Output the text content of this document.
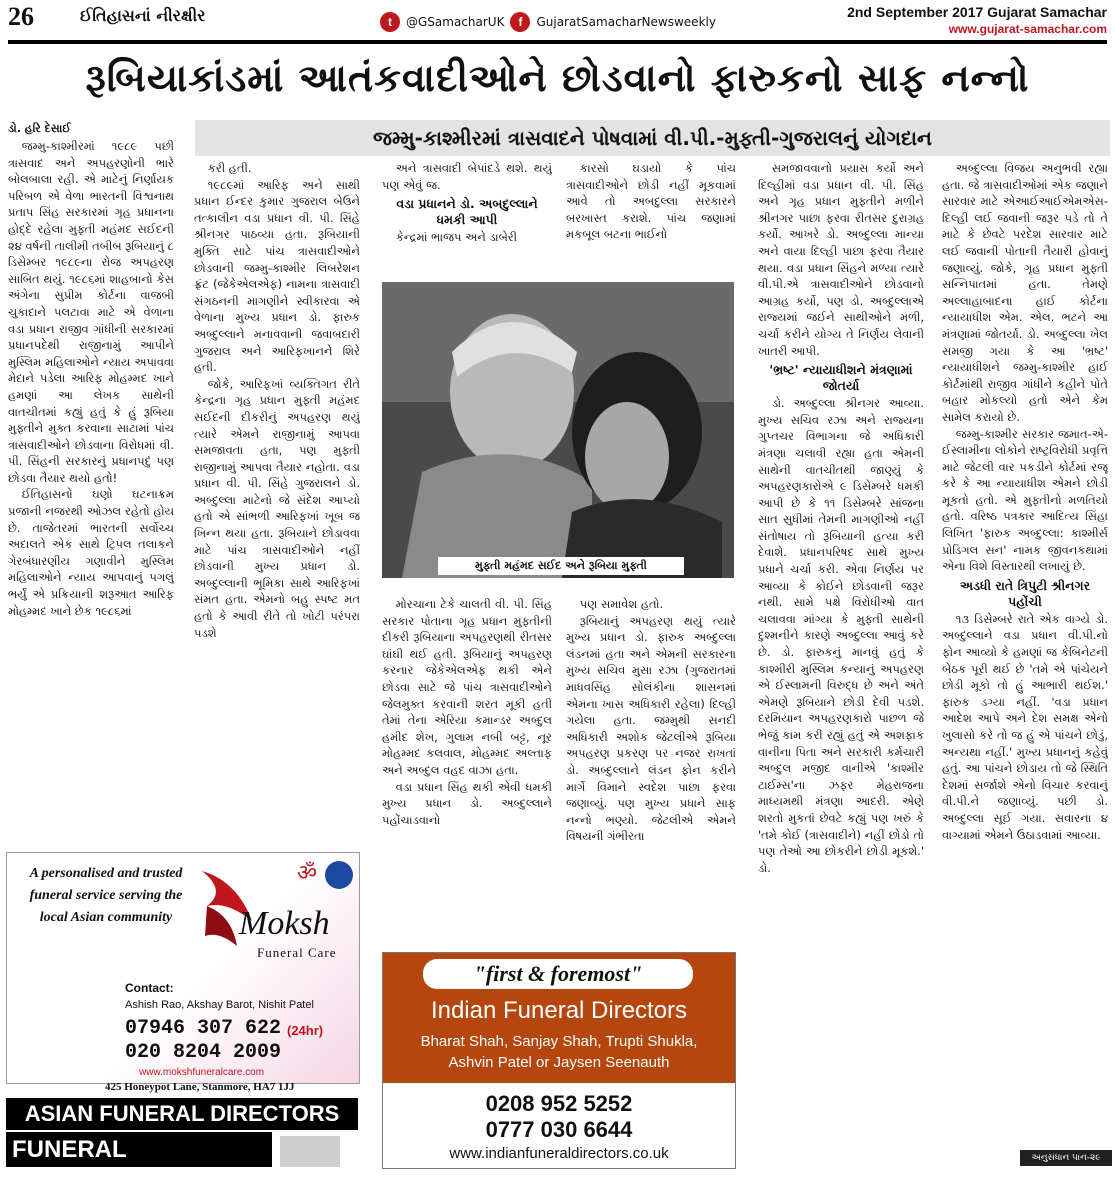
26	ઈતિહાસનાં નીરક્ષીર	t	@GSamacharUK	f	GujaratSamacharNewsweekly
2nd September 2017 Gujarat Samachar
www.gujarat-samachar.com
રૂબિયાકાંડમાં આતંકવાદીઓને છોડવાનો ફારુકનો સાફ નન્નો
ડો. હરિ દેસાઈ	જમ્મુ-કાશ્મીરમાં ત્રાસવાદને પોષવામાં વી.પી.-મુફ્તી-ગુજરાલનું યોગદાન

જમ્મુ-કાશ્મીરમાં ૧૯૮૯ પછી ત્રાસવાદ અને અપહરણોની ભારે બોલબાલા રહી. એ માટેનું નિર્ણાયક પરિબળ એ વેળા ભારતની વિશ્વનાથ પ્રતાપ સિંહ સરકારમાં ગૃહ પ્રધાનના હોદ્દે રહેલા મુફ્તી મહંમદ સઈદની ૨૪ વર્ષની તાલીમી તબીબ રૂબિયાનું ૮ ડિસેમ્બર ૧૯૮૯ના રોજ અપહરણ સાબિત થયું. ૧૯૮૬માં શાહબાનો કેસ અંગેના સુપ્રીમ કોર્ટના વાજબી ચુકાદાને પલટાવા માટે એ વેળાના વડા પ્રધાન રાજીવ ગાંધીની સરકારમાં પ્રધાનપદેથી રાજીનામું આપીને મુસ્લિમ મહિલાઓને ન્યાય અપાવવા મેદાને પડેલા આરિફ મોહમ્મદ ખાને હમણાં આ લેખક સાથેની વાતચીતમાં કહ્યું હતું કે હું રૂબિયા મુફ્તીને મુક્ત કરવાના સાટામાં પાંચ ત્રાસવાદીઓને છોડવાના વિરોધમાં વી. પી. સિંહની સરકારનું પ્રધાનપદું પણ છોડવા તૈયાર થયો હતો!

ઈતિહાસનો ઘણો ઘટનાક્રમ પ્રજાની નજરથી ઓઝલ રહેતો હોય છે. તાજેતરમાં ભારતની સર્વોચ્ચ અદાલતે એક સાથે ટ્રિપલ તલાકને ગેરબંધારણીય ગણાવીને મુસ્લિમ મહિલાઓને ન્યાય આપવાનું પગલું ભર્યું એ પ્રક્રિયાની શરૂઆત આરિફ મોહમ્મદ ખાને છેક ૧૯૮૬માં

કરી હતી.

૧૯૮૯માં આરિફ અને સાથી પ્રધાન ઈન્દર કુમાર ગુજરાલ બેઉને તત્કાલીન વડા પ્રધાન વી. પી. સિંહે શ્રીનગર પાઠવ્યા હતા. રૂબિયાની મુક્તિ સાટે પાંચ ત્રાસવાદીઓને છોડવાની જમ્મુ-કાશ્મીર લિબરેશન ફ્રંટ (જેકેએલએફ) નામના ત્રાસવાદી સંગઠનની માગણીને સ્વીકારવા એ વેળાના મુખ્ય પ્રધાન ડો. ફારુક અબ્દુલ્લાને મનાવવાની જવાબદારી ગુજરાલ અને આરિફખાનને શિરે હતી.

જોકે, આરિફખાં વ્યક્તિગત રીતે કેન્દ્રના ગૃહ પ્રધાન મુફ્તી મહંમદ સઈદની દીકરીનું અપહરણ થયું ત્યારે એમને રાજીનામું આપવા સમજાવતા હતા, પણ મુફ્તી રાજીનામું આપવા તૈયાર નહોતા. વડા પ્રધાન વી. પી. સિંહે ગુજરાલને ડો. અબ્દુલ્લા માટેનો જે સંદેશ આપ્યો હતો એ સાંભળી આરિફખાં ખૂબ જ ખિન્ન થયા હતા. રૂબિયાને છોડાવવા માટે પાંચ ત્રાસવાદીઓને નહીં છોડવાની મુખ્ય પ્રધાન ડો. અબ્દુલ્લાની ભૂમિકા સાથે આરિફખાં સંમત હતા. એમનો બહુ સ્પષ્ટ મત હતો કે આવી રીતે તો ખોટી પરંપરા પડશે

અને ત્રાસવાદી બેપાંદડે થશે. થયું પણ એવું જ.

વડા પ્રધાનને ડો. અબદુલ્લાને ધમકી આપી

કેન્દ્રમાં ભાજપ અને ડાબેરી

કારસો ઘડાયો કે પાંચ ત્રાસવાદીઓને છોડી નહીં મૂકવામાં આવે તો અબદુલ્લા સરકારને બરખાસ્ત કરાશે. પાંચ જણામાં મકબૂલ બટના ભાઈનો

મુફ્તી મહંમદ સઈદ અને રૂબિયા મુફ્તી

મોરચાના ટેકે ચાલતી વી. પી. સિંહ સરકાર પોતાના ગૃહ પ્રધાન મુફ્તીની દીકરી રૂબિયાના અપહરણથી રીતસર ઘાંઘી થઈ હતી. રૂબિયાનું અપહરણ કરનાર જેકેએલએફ થકી એને છોડવા સાટે જે પાંચ ત્રાસવાદીઓને જેલમુક્ત કરવાની શરત મૂકી હતી તેમાં તેના એરિયા કમાન્ડર અબ્દુલ હમીદ શેખ, ગુલામ નબી બટ્ટ, નૂર મોહમ્મદ કલવાલ, મોહમ્મદ અલ્તાફ અને અબ્દુલ વહદ વાઝા હતા.

વડા પ્રધાન સિંહ થકી એવી ધમકી મુખ્ય પ્રધાન ડો. અબ્દુલ્લાને પહોંચાડવાનો

પણ સમાવેશ હતો.

રૂબિયાનું અપહરણ થયું ત્યારે મુખ્ય પ્રધાન ડો. ફારુક અબ્દુલ્લા લંડનમાં હતા અને એમની સરકારના મુખ્ય સચિવ મુસા રઝા (ગુજરાતમાં માધવસિંહ સોલંકીના શાસનમાં એમના ખાસ અધિકારી રહેલા) દિલ્હી ગયેલા હતા. જમ્મુથી સનદી અધિકારી અશોક જેટલીએ રૂબિયા અપહરણ પ્રકરણ પર નજર રાખતાં ડો. અબ્દુલ્લાને લંડન ફોન કરીને માર્ગે વિમાને સ્વદેશ પાછા ફરવા જણાવ્યું. પણ મુખ્ય પ્રધાને સાફ નન્નો ભણ્યો. જેટલીએ એમને વિષયની ગંભીરતા

સમજાવવાનો પ્રયાસ કર્યો અને દિલ્હીમાં વડા પ્રધાન વી. પી. સિંહ અને ગૃહ પ્રધાન મુફ્તીને મળીને શ્રીનગર પાછા ફરવા રીતસર દુરાગ્રહ કર્યો. આખરે ડો. અબ્દુલ્લા માન્યા અને વાયા દિલ્હી પાછા ફરવા તૈયાર થયા. વડા પ્રધાન સિંહને મળ્યા ત્યારે વી.પી.એ ત્રાસવાદીઓને છોડવાનો આગ્રહ કર્યો, પણ ડો. અબ્દુલ્લાએ રાજ્યમાં જઈને સાથીઓને મળી, ચર્ચા કરીને યોગ્ય તે નિર્ણય લેવાની ખાતરી આપી.

'ભ્રષ્ટ' ન્યાયાધીશને મંત્રણામાં જોતર્યા

ડો. અબ્દુલ્લા શ્રીનગર આવ્યા. મુખ્ય સચિવ રઝા અને રાજ્યના ગુપ્તચર વિભાગના જે અધિકારી મંત્રણા ચલાવી રહ્યા હતા એમની સાથેની વાતચીતથી જાણ્યું કે અપહરણકારોએ ૯ ડિસેમ્બરે ધમકી આપી છે કે ૧૧ ડિસેમ્બરે સાંજના સાત સુધીમાં તેમની માગણીઓ નહીં સંતોષાય તો રૂબિયાની હત્યા કરી દેવાશે. પ્રધાનપરિષદ સાથે મુખ્ય પ્રધાને ચર્ચા કરી. એવા નિર્ણય પર આવ્યા કે કોઈને છોડવાની જરૂર નથી. સામે પક્ષે વિરોધીઓ વાત ચલાવવા માંગ્યા કે મુફ્તી સાથેની દુશ્મનીને કારણે અબ્દુલ્લા આવું કરે છે. ડો. ફારુકનું માનવું હતું કે કાશ્મીરી મુસ્લિમ કન્યાનું અપહરણ એ ઈસ્લામની વિરુદ્ધ છે અને અંતે એમણે રૂબિયાને છોડી દેવી પડશે. દરમિયાન અપહરણકારો પાછળ જે ભેજું કામ કરી રહ્યું હતું એ અશફાક વાનીના પિતા અને સરકારી કર્મચારી અબ્દુલ મજીદ વાનીએ 'કાશ્મીર ટાઈમ્સ'ના ઝફર મેહરાજના માધ્યમથી મંત્રણા આદરી. એણે શરતો મુકતાં છેવટે કહ્યું પણ ખરું કે 'તમે કોઈ (ત્રાસવાદીને) નહીં છોડો તો પણ તેઓ આ છોકરીને છોડી મૂકશે.' ડો.

અબ્દુલ્લા વિજય અનુભવી રહ્યા હતા. જે ત્રાસવાદીઓમાં એક જણાને સારવાર માટે એઆઈઆઈએમએસ-દિલ્હી લઈ જવાની જરૂર પડે તો તે માટે કે છેવટે પરદેશ સારવાર માટે લઈ જવાની પોતાની તૈયારી હોવાનું જણાવ્યું. જોકે, ગૃહ પ્રધાન મુફ્તી સન્નિપાતમાં હતા. તેમણે અલ્લાહાબાદના હાઈ કોર્ટના ન્યાયાધીશ એમ. એલ. ભટને આ મંત્રણામાં જોતર્યા. ડો. અબ્દુલ્લા ખેલ સમજી ગયા કે આ 'ભ્રષ્ટ' ન્યાયાધીશને જમ્મુ-કાશ્મીર હાઈ કોર્ટમાંથી રાજીવ ગાંધીને કહીને પોતે બહાર મોકલ્યો હતો એને કેમ સામેલ કરાયો છે.

જમ્મુ-કાશ્મીર સરકાર જમાત-એ-ઈસ્લામીના લોકોને રાષ્ટ્રવિરોધી પ્રવૃત્તિ માટે જેટલી વાર પકડીને કોર્ટમાં રજૂ કરે કે આ ન્યાયાધીશ એમને છોડી મૂકતો હતો. એ મુફ્તીનો મળતિયો હતો. વરિષ્ઠ પત્રકાર આદિત્ય સિંહા લિખિત 'ફારુક અબ્દુલ્લા: કાશ્મીર્સ પ્રોડિગલ સન' નામક જીવનકથામાં એના વિશે વિસ્તારથી લખાયું છે.

અડધી રાતે ત્રિપુટી શ્રીનગર પહોંચી

૧૩ ડિસેમ્બરે રાતે એક વાગ્યે ડો. અબ્દુલ્લાને વડા પ્રધાન વી.પી.નો ફોન આવ્યો કે હમણાં જ કેબિનેટની બેઠક પૂરી થઈ છે 'તમે એ પાંચેયને છોડી મૂકો તો હું આભારી થઈશ.' ફારુક ડગ્યા નહીં. 'વડા પ્રધાન આદેશ આપે અને દેશ સમક્ષ એનો ખુલાસો કરે તો જ હું એ પાંચને છોડું, અન્યથા નહીં.' મુખ્ય પ્રધાનનું કહેવું હતું. આ પાંચને છોડાય તો જે સ્થિતિ દેશમાં સર્જાશે એનો વિચાર કરવાનું વી.પી.ને જણાવ્યું. પછી ડો. અબ્દુલ્લા સૂઈ ગયા. સવારના ૪ વાગ્યામાં એમને ઉઠાડવામાં આવ્યા.

અનુસંધાન પાન-૨૯
A personalised and trusted funeral service serving the local Asian community
ॐ
Moksh
Funeral Care
Contact:
Ashish Rao, Akshay Barot, Nishit Patel
07946 307 622 (24hr)
020 8204 2009
www.mokshfuneralcare.com
425 Honeypot Lane, Stanmore, HA7 1JJ
ASIAN FUNERAL DIRECTORS
FUNERAL DIRECTORS
"first & foremost"
Indian Funeral Directors
Bharat Shah, Sanjay Shah, Trupti Shukla,
Ashvin Patel or Jaysen Seenauth
0208 952 5252
0777 030 6644
www.indianfuneraldirectors.co.uk
